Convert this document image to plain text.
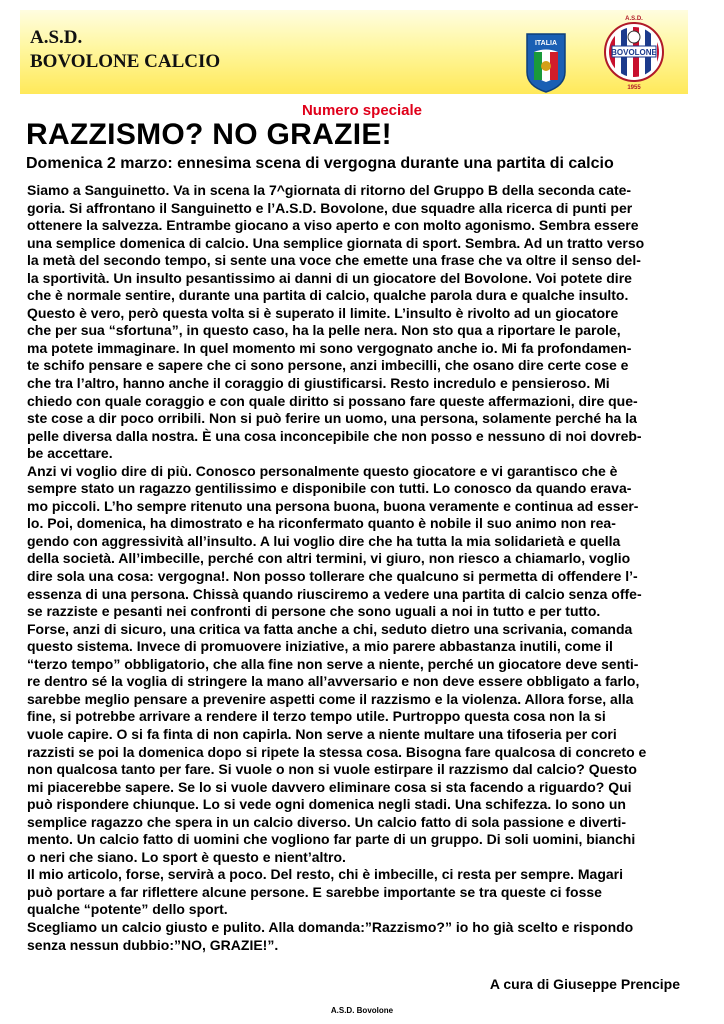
A.S.D.
BOVOLONE CALCIO
ITALIA
BOVOLONE
A.S.D.
1955
Numero speciale
RAZZISMO? NO GRAZIE!
Domenica 2 marzo: ennesima scena di vergogna durante una partita di calcio
Siamo a Sanguinetto. Va in scena la 7^giornata di ritorno del Gruppo B della seconda cate-
goria. Si affrontano il Sanguinetto e l’A.S.D. Bovolone, due squadre alla ricerca di punti per
ottenere la salvezza. Entrambe giocano a viso aperto e con molto agonismo. Sembra essere
una semplice domenica di calcio. Una semplice giornata di sport. Sembra. Ad un tratto verso
la metà del secondo tempo, si sente una voce che emette una frase che va oltre il senso del-
la sportività. Un insulto pesantissimo ai danni di un giocatore del Bovolone. Voi potete dire
che è normale sentire, durante una partita di calcio, qualche parola dura e qualche insulto.
Questo è vero, però questa volta si è superato il limite. L’insulto è rivolto ad un giocatore
che per sua “sfortuna”, in questo caso, ha la pelle nera. Non sto qua a riportare le parole,
ma potete immaginare. In quel momento mi sono vergognato anche io. Mi fa profondamen-
te schifo pensare e sapere che ci sono persone, anzi imbecilli, che osano dire certe cose e
che tra l’altro, hanno anche il coraggio di giustificarsi. Resto incredulo e pensieroso. Mi
chiedo con quale coraggio e con quale diritto si possano fare queste affermazioni, dire que-
ste cose a dir poco orribili. Non si può ferire un uomo, una persona, solamente perché ha la
pelle diversa dalla nostra. È una cosa inconcepibile che non posso e nessuno di noi dovreb-
be accettare.
Anzi vi voglio dire di più. Conosco personalmente questo giocatore e vi garantisco che è
sempre stato un ragazzo gentilissimo e disponibile con tutti. Lo conosco da quando erava-
mo piccoli. L’ho sempre ritenuto una persona buona, buona veramente e continua ad esser-
lo. Poi, domenica, ha dimostrato e ha riconfermato quanto è nobile il suo animo non rea-
gendo con aggressività all’insulto. A lui voglio dire che ha tutta la mia solidarietà e quella
della società. All’imbecille, perché con altri termini, vi giuro, non riesco a chiamarlo, voglio
dire sola una cosa: vergogna!. Non posso tollerare che qualcuno si permetta di offendere l’-
essenza di una persona. Chissà quando riusciremo a vedere una partita di calcio senza offe-
se razziste e pesanti nei confronti di persone che sono uguali a noi in tutto e per tutto.
Forse, anzi di sicuro, una critica va fatta anche a chi, seduto dietro una scrivania, comanda
questo sistema. Invece di promuovere iniziative, a mio parere abbastanza inutili, come il
“terzo tempo” obbligatorio, che alla fine non serve a niente, perché un giocatore deve senti-
re dentro sé la voglia di stringere la mano all’avversario e non deve essere obbligato a farlo,
sarebbe meglio pensare a prevenire aspetti come il razzismo e la violenza. Allora forse, alla
fine, si potrebbe arrivare a rendere il terzo tempo utile. Purtroppo questa cosa non la si
vuole capire. O si fa finta di non capirla. Non serve a niente multare una tifoseria per cori
razzisti se poi la domenica dopo si ripete la stessa cosa. Bisogna fare qualcosa di concreto e
non qualcosa tanto per fare. Si vuole o non si vuole estirpare il razzismo dal calcio? Questo
mi piacerebbe sapere. Se lo si vuole davvero eliminare cosa si sta facendo a riguardo? Qui
può rispondere chiunque. Lo si vede ogni domenica negli stadi. Una schifezza. Io sono un
semplice ragazzo che spera in un calcio diverso. Un calcio fatto di sola passione e diverti-
mento. Un calcio fatto di uomini che vogliono far parte di un gruppo. Di soli uomini, bianchi
o neri che siano. Lo sport è questo e nient’altro.
Il mio articolo, forse, servirà a poco. Del resto, chi è imbecille, ci resta per sempre. Magari
può portare a far riflettere alcune persone. E sarebbe importante se tra queste ci fosse
qualche “potente” dello sport.
Scegliamo un calcio giusto e pulito. Alla domanda:”Razzismo?” io ho già scelto e rispondo
senza nessun dubbio:”NO, GRAZIE!”.
A cura di Giuseppe Prencipe
A.S.D. Bovolone
